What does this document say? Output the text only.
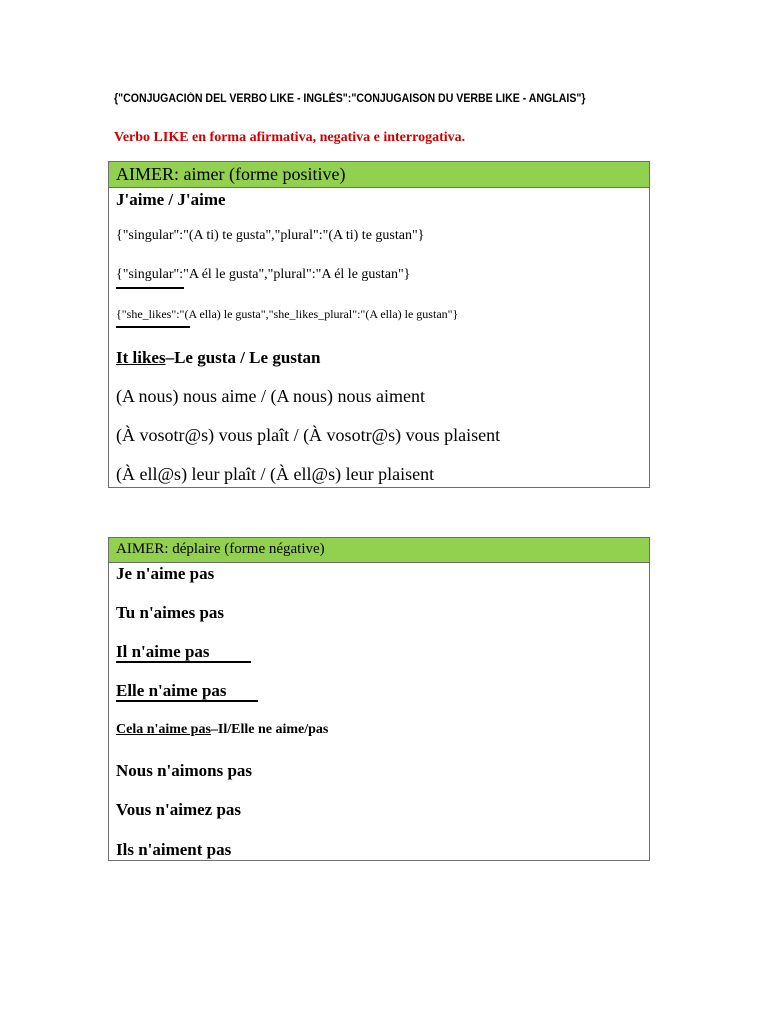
{"CONJUGACIÓN DEL VERBO LIKE - INGLÉS":"CONJUGAISON DU VERBE LIKE - ANGLAIS"}
Verbo LIKE en forma afirmativa, negativa e interrogativa.
AIMER: aimer (forme positive)
J'aime / J'aime
{"singular":"(A ti) te gusta","plural":"(A ti) te gustan"}
{"singular":"A él le gusta","plural":"A él le gustan"}
{"she_likes":"(A ella) le gusta","she_likes_plural":"(A ella) le gustan"}
It likes–Le gusta / Le gustan
(A nous) nous aime / (A nous) nous aiment
(À vosotr@s) vous plaît / (À vosotr@s) vous plaisent
(À ell@s) leur plaît / (À ell@s) leur plaisent
AIMER: déplaire (forme négative)
Je n'aime pas
Tu n'aimes pas
Il n'aime pas
Elle n'aime pas
Cela n'aime pas–Il/Elle ne aime/pas
Nous n'aimons pas
Vous n'aimez pas
Ils n'aiment pas
